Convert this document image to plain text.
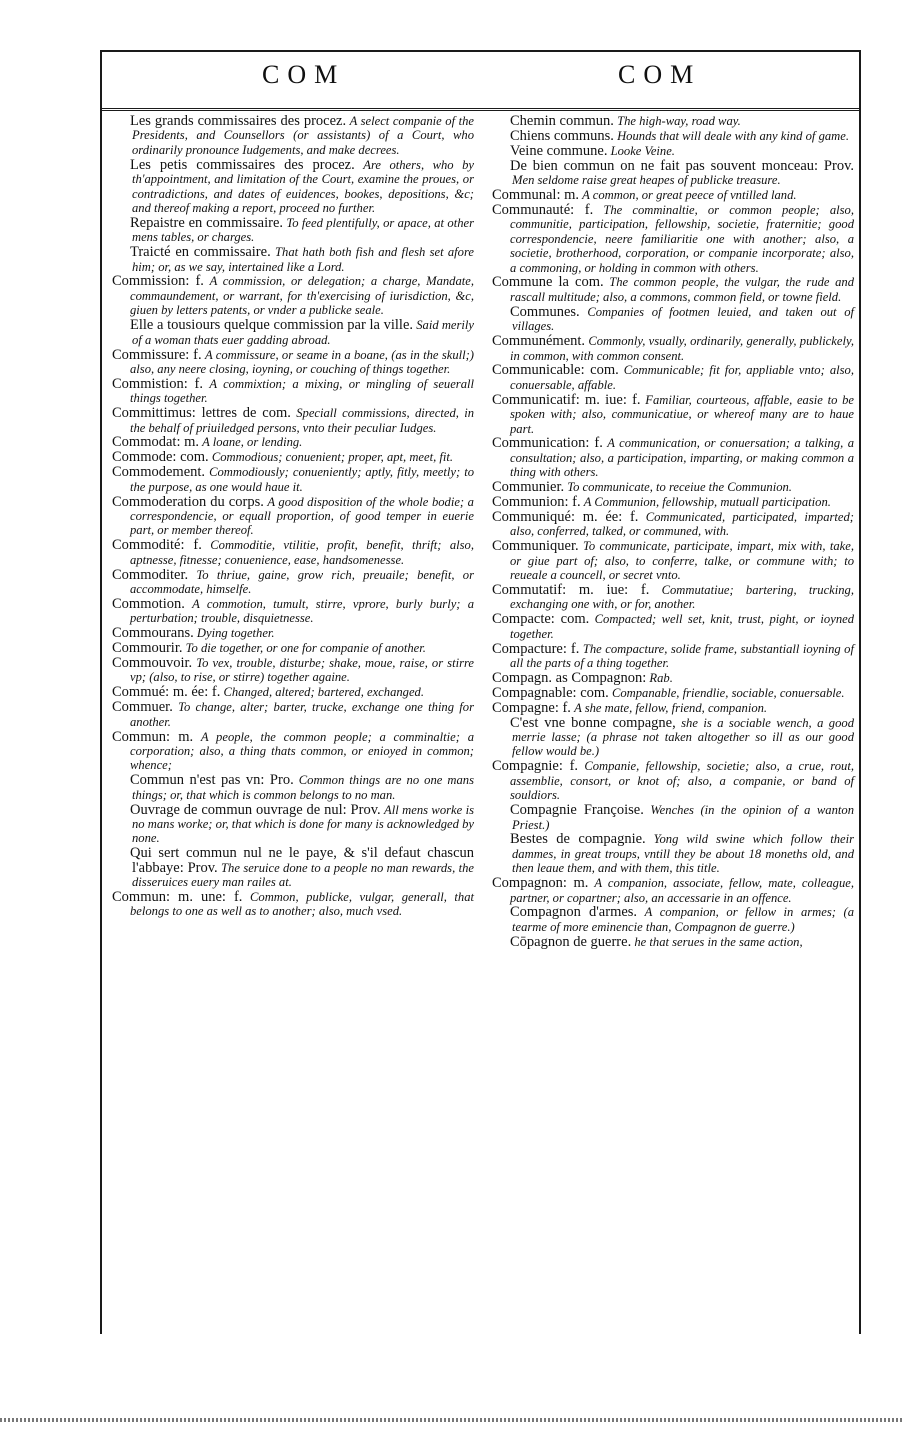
COM	COM

Les grands commissaires des procez. A select companie of the Presidents, and Counsellors (or assistants) of a Court, who ordinarily pronounce Iudgements, and make decrees.

Les petis commissaires des procez. Are others, who by th'appointment, and limitation of the Court, examine the proues, or contradictions, and dates of euidences, bookes, depositions, &c; and thereof making a report, proceed no further.

Repaistre en commissaire. To feed plentifully, or apace, at other mens tables, or charges.

Traicté en commissaire. That hath both fish and flesh set afore him; or, as we say, intertained like a Lord.

Commission: f. A commission, or delegation; a charge, Mandate, commaundement, or warrant, for th'exercising of iurisdiction, &c, giuen by letters patents, or vnder a publicke seale.

Elle a tousiours quelque commission par la ville. Said merily of a woman thats euer gadding abroad.

Commissure: f. A commissure, or seame in a boane, (as in the skull;) also, any neere closing, ioyning, or couching of things together.

Commistion: f. A commixtion; a mixing, or mingling of seuerall things together.

Committimus: lettres de com. Speciall commissions, directed, in the behalf of priuiledged persons, vnto their peculiar Iudges.

Commodat: m. A loane, or lending.

Commode: com. Commodious; conuenient; proper, apt, meet, fit.

Commodement. Commodiously; conueniently; aptly, fitly, meetly; to the purpose, as one would haue it.

Commoderation du corps. A good disposition of the whole bodie; a correspondencie, or equall proportion, of good temper in euerie part, or member thereof.

Commodité: f. Commoditie, vtilitie, profit, benefit, thrift; also, aptnesse, fitnesse; conuenience, ease, handsomenesse.

Commoditer. To thriue, gaine, grow rich, preuaile; benefit, or accommodate, himselfe.

Commotion. A commotion, tumult, stirre, vprore, burly burly; a perturbation; trouble, disquietnesse.

Commourans. Dying together.

Commourir. To die together, or one for companie of another.

Commouvoir. To vex, trouble, disturbe; shake, moue, raise, or stirre vp; (also, to rise, or stirre) together againe.

Commué: m. ée: f. Changed, altered; bartered, exchanged.

Commuer. To change, alter; barter, trucke, exchange one thing for another.

Commun: m. A people, the common people; a comminaltie; a corporation; also, a thing thats common, or enioyed in common; whence;

Commun n'est pas vn: Pro. Common things are no one mans things; or, that which is common belongs to no man.

Ouvrage de commun ouvrage de nul: Prov. All mens worke is no mans worke; or, that which is done for many is acknowledged by none.

Qui sert commun nul ne le paye, & s'il defaut chascun l'abbaye: Prov. The seruice done to a people no man rewards, the disseruices euery man railes at.

Commun: m. une: f. Common, publicke, vulgar, generall, that belongs to one as well as to another; also, much vsed.

Chemin commun. The high-way, road way.

Chiens communs. Hounds that will deale with any kind of game.

Veine commune. Looke Veine.

De bien commun on ne fait pas souvent monceau: Prov. Men seldome raise great heapes of publicke treasure.

Communal: m. A common, or great peece of vntilled land.

Communauté: f. The comminaltie, or common people; also, communitie, participation, fellowship, societie, fraternitie; good correspondencie, neere familiaritie one with another; also, a societie, brotherhood, corporation, or companie incorporate; also, a commoning, or holding in common with others.

Commune la com. The common people, the vulgar, the rude and rascall multitude; also, a commons, common field, or towne field.

Communes. Companies of footmen leuied, and taken out of villages.

Communément. Commonly, vsually, ordinarily, generally, publickely, in common, with common consent.

Communicable: com. Communicable; fit for, appliable vnto; also, conuersable, affable.

Communicatif: m. iue: f. Familiar, courteous, affable, easie to be spoken with; also, communicatiue, or whereof many are to haue part.

Communication: f. A communication, or conuersation; a talking, a consultation; also, a participation, imparting, or making common a thing with others.

Communier. To communicate, to receiue the Communion.

Communion: f. A Communion, fellowship, mutuall participation.

Communiqué: m. ée: f. Communicated, participated, imparted; also, conferred, talked, or communed, with.

Communiquer. To communicate, participate, impart, mix with, take, or giue part of; also, to conferre, talke, or commune with; to reueale a councell, or secret vnto.

Commutatif: m. iue: f. Commutatiue; bartering, trucking, exchanging one with, or for, another.

Compacte: com. Compacted; well set, knit, trust, pight, or ioyned together.

Compacture: f. The compacture, solide frame, substantiall ioyning of all the parts of a thing together.

Compagn. as Compagnon: Rab.

Compagnable: com. Companable, friendlie, sociable, conuersable.

Compagne: f. A she mate, fellow, friend, companion.

C'est vne bonne compagne, she is a sociable wench, a good merrie lasse; (a phrase not taken altogether so ill as our good fellow would be.)

Compagnie: f. Companie, fellowship, societie; also, a crue, rout, assemblie, consort, or knot of; also, a companie, or band of souldiors.

Compagnie Françoise. Wenches (in the opinion of a wanton Priest.)

Bestes de compagnie. Yong wild swine which follow their dammes, in great troups, vntill they be about 18 moneths old, and then leaue them, and with them, this title.

Compagnon: m. A companion, associate, fellow, mate, colleague, partner, or copartner; also, an accessarie in an offence.

Compagnon d'armes. A companion, or fellow in armes; (a tearme of more eminencie than, Compagnon de guerre.)

Cōpagnon de guerre. he that serues in the same action,
